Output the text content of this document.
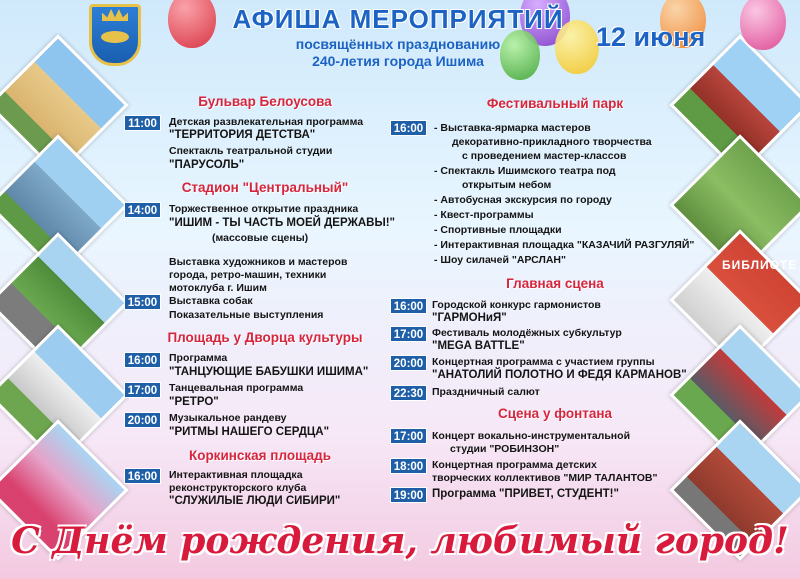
БИБЛИОТЕ
АФИША МЕРОПРИЯТИЙ
посвящённых празднованию
240-летия города Ишима
12 июня
Бульвар Белоусова
11:00	Детская развлекательная программа
"ТЕРРИТОРИЯ ДЕТСТВА"
Спектакль театральной студии
"ПАРУСОЛЬ"
Стадион "Центральный"
14:00	Торжественное открытие праздника
"ИШИМ - ТЫ ЧАСТЬ МОЕЙ ДЕРЖАВЫ!"
(массовые сцены)
Выставка художников и мастеров
города, ретро-машин, техники
мотоклуба г. Ишим
15:00	Выставка собак
Показательные выступления
Площадь у Дворца культуры
16:00	Программа
"ТАНЦУЮЩИЕ БАБУШКИ ИШИМА"
17:00	Танцевальная программа
"РЕТРО"
20:00	Музыкальное рандеву
"РИТМЫ НАШЕГО СЕРДЦА"
Коркинская площадь
16:00	Интерактивная площадка
реконструкторского клуба
"СЛУЖИЛЫЕ ЛЮДИ СИБИРИ"
Фестивальный парк
16:00	- Выставка-ярмарка мастеров
декоративно-прикладного творчества
с проведением мастер-классов
- Спектакль Ишимского театра под
открытым небом
- Автобусная экскурсия по городу
- Квест-программы
- Спортивные площадки
- Интерактивная площадка "КАЗАЧИЙ РАЗГУЛЯЙ"
- Шоу силачей "АРСЛАН"
Главная сцена
16:00 Городской конкурс гармонистов
"ГАРМОНиЯ"
17:00 Фестиваль молодёжных субкультур
"MEGA BATTLE"
20:00 Концертная программа с участием группы
"АНАТОЛИЙ ПОЛОТНО И ФЕДЯ КАРМАНОВ"
22:30 Праздничный салют
Сцена у фонтана
17:00 Концерт вокально-инструментальной
студии "РОБИНЗОН"
18:00 Концертная программа детских
творческих коллективов "МИР ТАЛАНТОВ"
19:00 Программа "ПРИВЕТ, СТУДЕНТ!"
С Днём рождения, любимый город!
